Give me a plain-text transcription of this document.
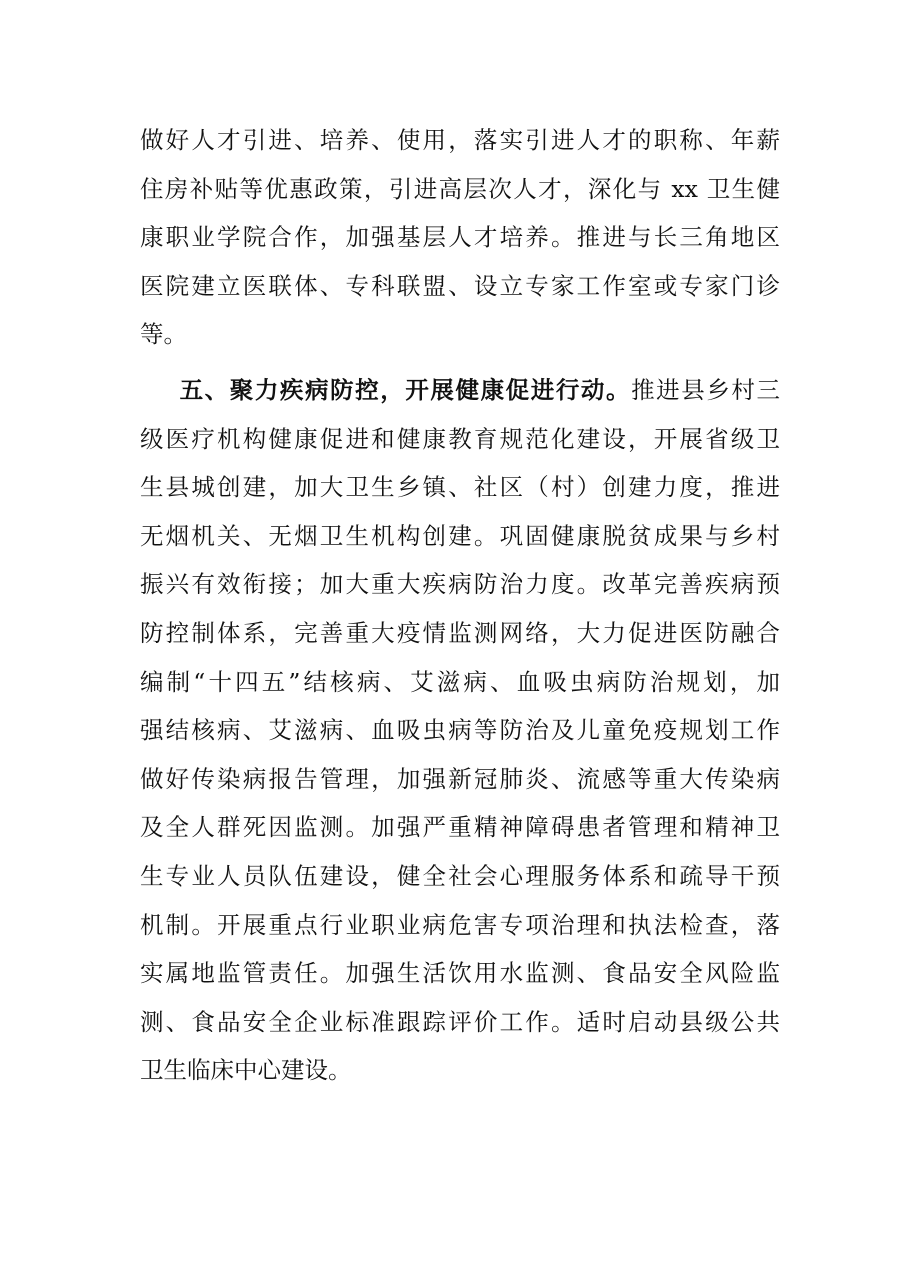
做好人才引进、培养、使用，落实引进人才的职称、年薪
住房补贴等优惠政策，引进高层次人才，深化与 xx 卫生健
康职业学院合作，加强基层人才培养。推进与长三角地区
医院建立医联体、专科联盟、设立专家工作室或专家门诊
等。
五、聚力疾病防控，开展健康促进行动。推进县乡村三
级医疗机构健康促进和健康教育规范化建设，开展省级卫
生县城创建，加大卫生乡镇、社区（村）创建力度，推进
无烟机关、无烟卫生机构创建。巩固健康脱贫成果与乡村
振兴有效衔接；加大重大疾病防治力度。改革完善疾病预
防控制体系，完善重大疫情监测网络，大力促进医防融合
编制“十四五”结核病、艾滋病、血吸虫病防治规划，加
强结核病、艾滋病、血吸虫病等防治及儿童免疫规划工作
做好传染病报告管理，加强新冠肺炎、流感等重大传染病
及全人群死因监测。加强严重精神障碍患者管理和精神卫
生专业人员队伍建设，健全社会心理服务体系和疏导干预
机制。开展重点行业职业病危害专项治理和执法检查，落
实属地监管责任。加强生活饮用水监测、食品安全风险监
测、食品安全企业标准跟踪评价工作。适时启动县级公共
卫生临床中心建设。
